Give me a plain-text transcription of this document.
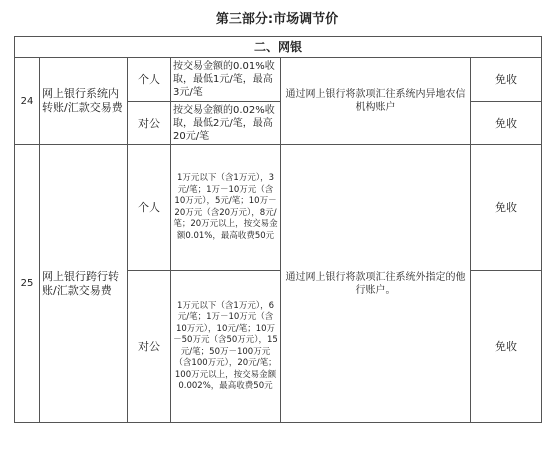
第三部分:市场调节价
二、网银					
24	网上银行系统内转账/汇款交易费	个人	按交易金额的0.01%收取，最低1元/笔，最高3元/笔	通过网上银行将款项汇往系统内异地农信机构账户	免收
		对公	按交易金额的0.02%收取，最低2元/笔，最高20元/笔		免收
25	网上银行跨行转账/汇款交易费	个人	1万元以下（含1万元），3元/笔；1万－10万元（含10万元），5元/笔；10万－20万元（含20万元），8元/笔；20万元以上，按交易金额0.01%，最高收费50元	通过网上银行将款项汇往系统外指定的他行账户。	免收
		对公	1万元以下（含1万元），6元/笔；1万－10万元（含10万元），10元/笔；10万－50万元（含50万元），15元/笔；50万－100万元（含100万元），20元/笔；100万元以上，按交易金额0.002%，最高收费50元		免收
